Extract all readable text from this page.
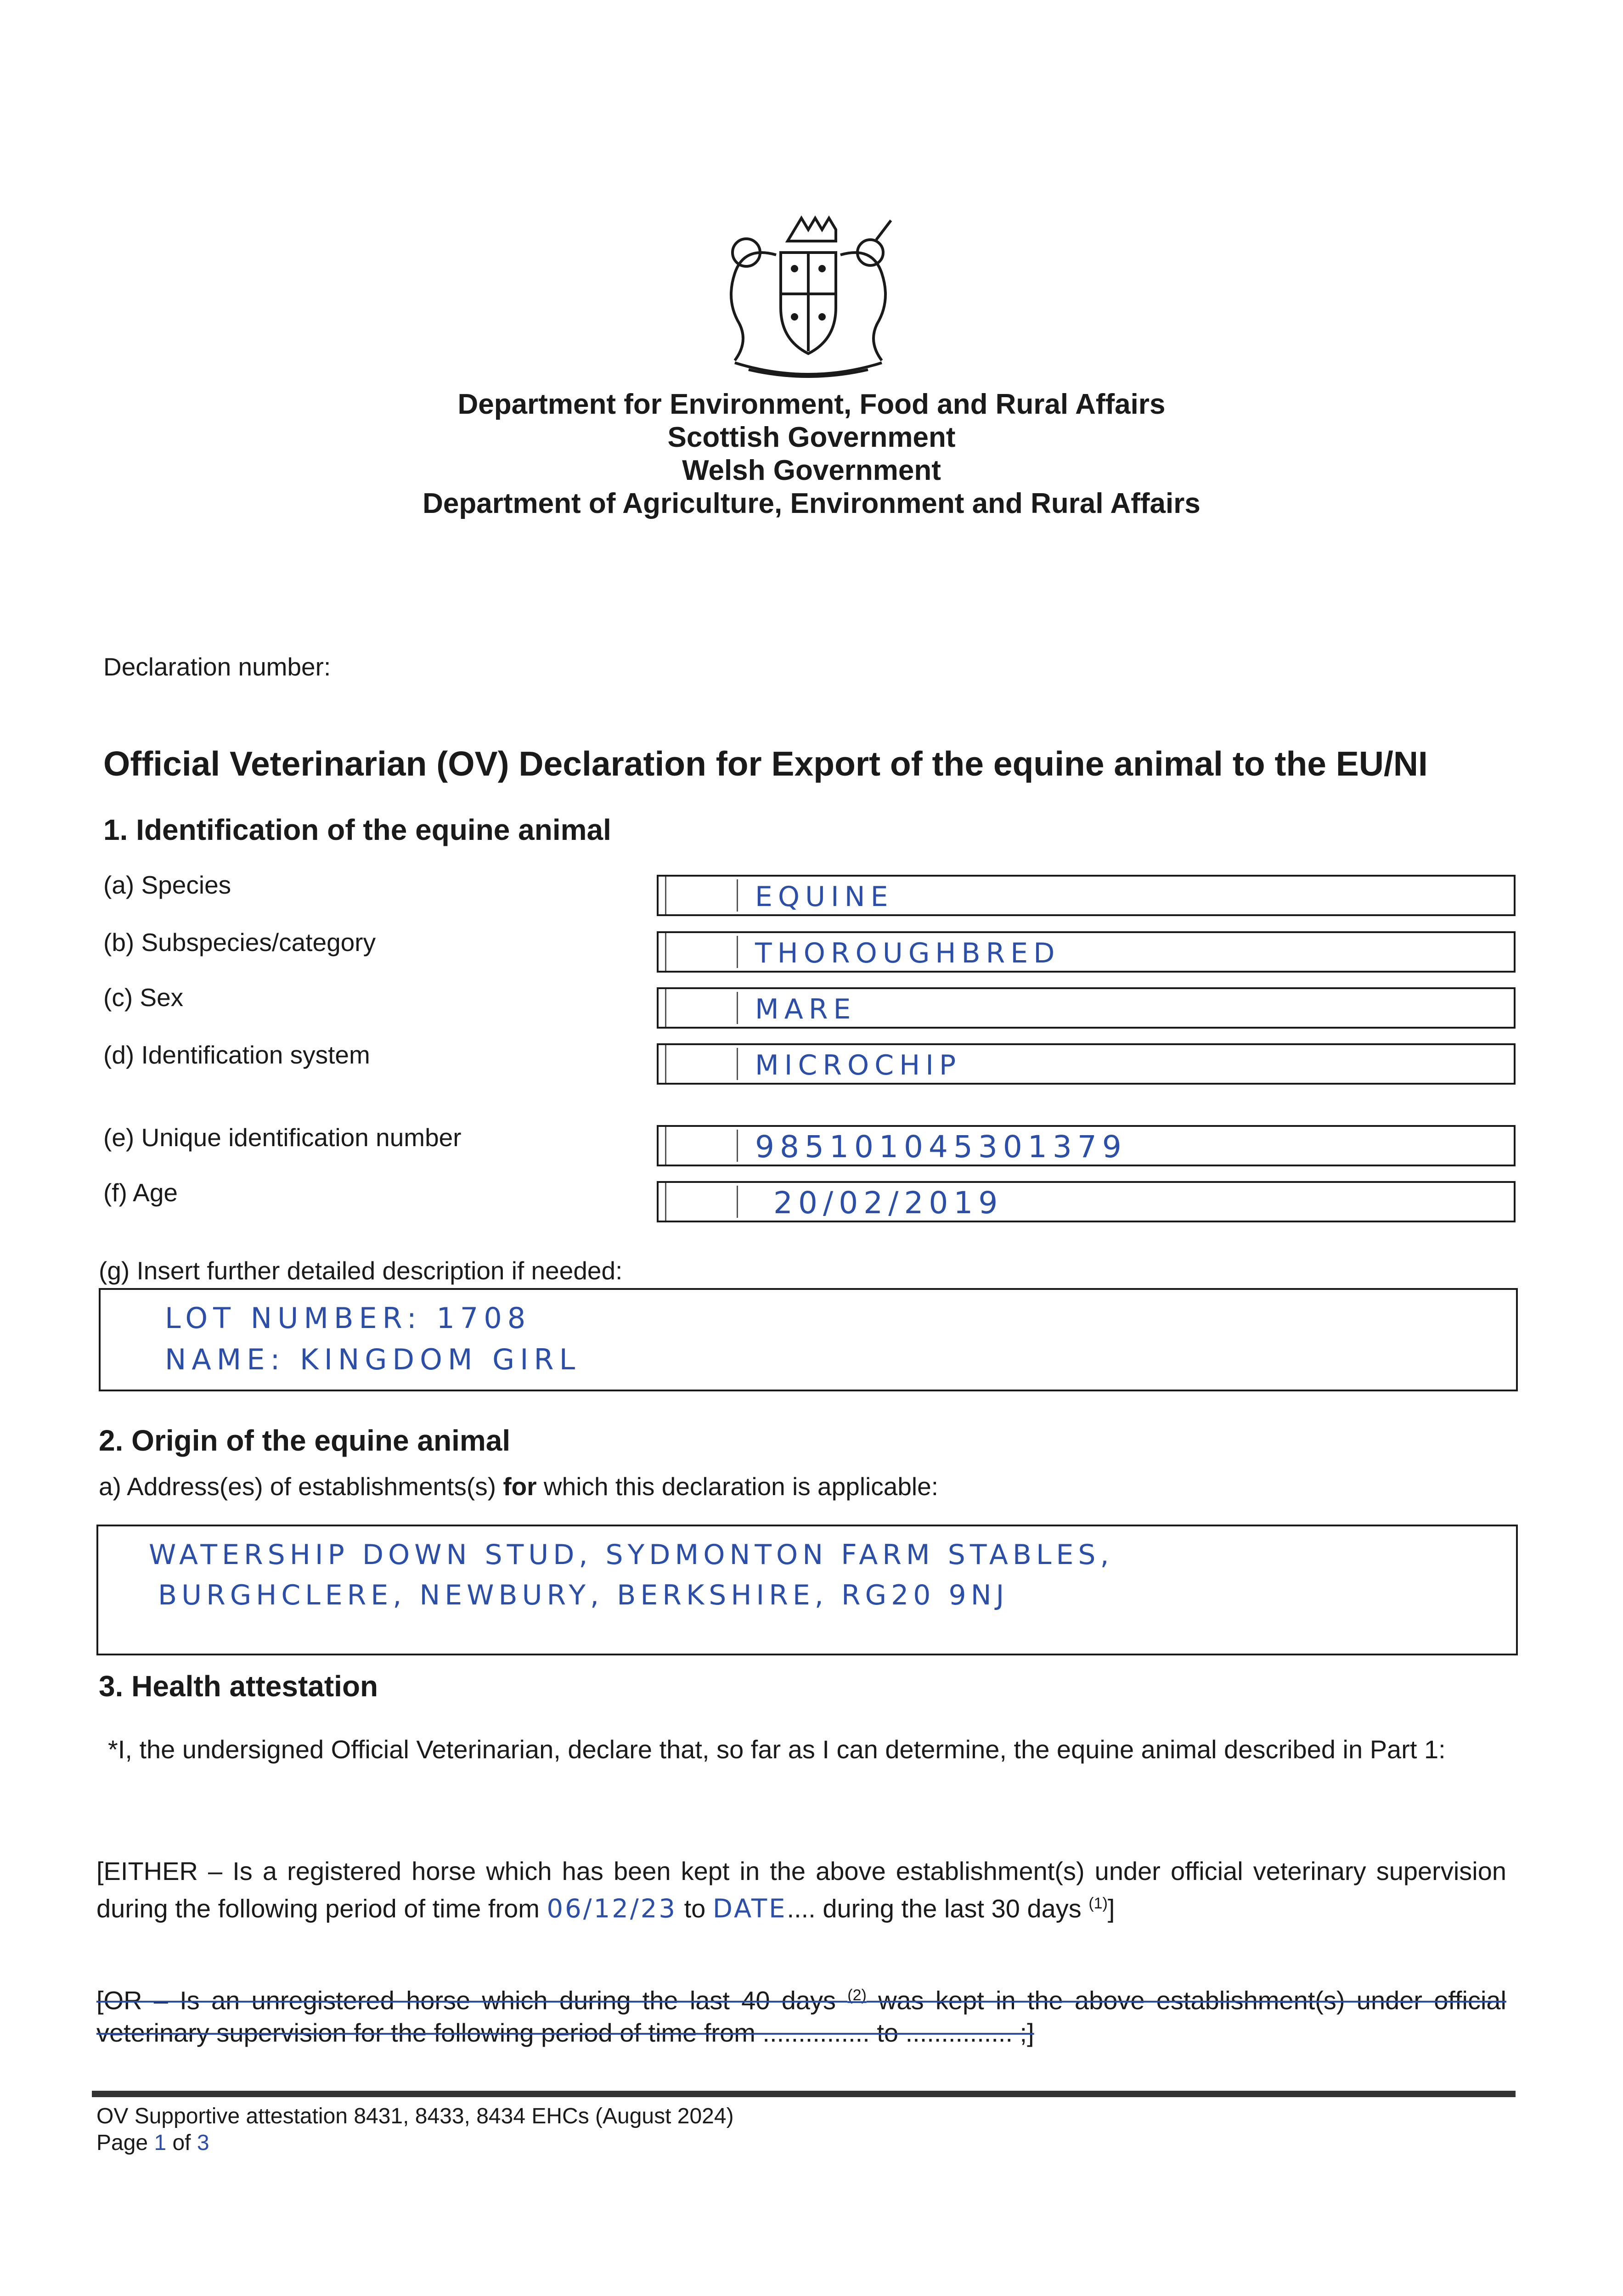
Department for Environment, Food and Rural Affairs
Scottish Government
Welsh Government
Department of Agriculture, Environment and Rural Affairs
Declaration number:
Official Veterinarian (OV) Declaration for Export of the equine animal to the EU/NI
1. Identification of the equine animal
(a) Species	EQUINE
(b) Subspecies/category	THOROUGHBRED
(c) Sex	MARE
(d) Identification system	MICROCHIP
(e) Unique identification number	985101045301379
(f) Age	20/02/2019
(g) Insert further detailed description if needed:
LOT NUMBER: 1708
NAME: KINGDOM GIRL
2. Origin of the equine animal
a) Address(es) of establishments(s) for which this declaration is applicable:
WATERSHIP DOWN STUD, SYDMONTON FARM STABLES,
BURGHCLERE, NEWBURY, BERKSHIRE, RG20 9NJ
3. Health attestation
*I, the undersigned Official Veterinarian, declare that, so far as I can determine, the equine animal described in Part 1:
[EITHER – Is a registered horse which has been kept in the above establishment(s) under official veterinary supervision during the following period of time from 06/12/23 to DATE.... during the last 30 days $^{(1)}$]
[OR – Is an unregistered horse which during the last 40 days $^{(2)}$ was kept in the above establishment(s) under official veterinary supervision for the following period of time from ............... to ............... ;]
OV Supportive attestation 8431, 8433, 8434 EHCs (August 2024)
Page 1 of 3
